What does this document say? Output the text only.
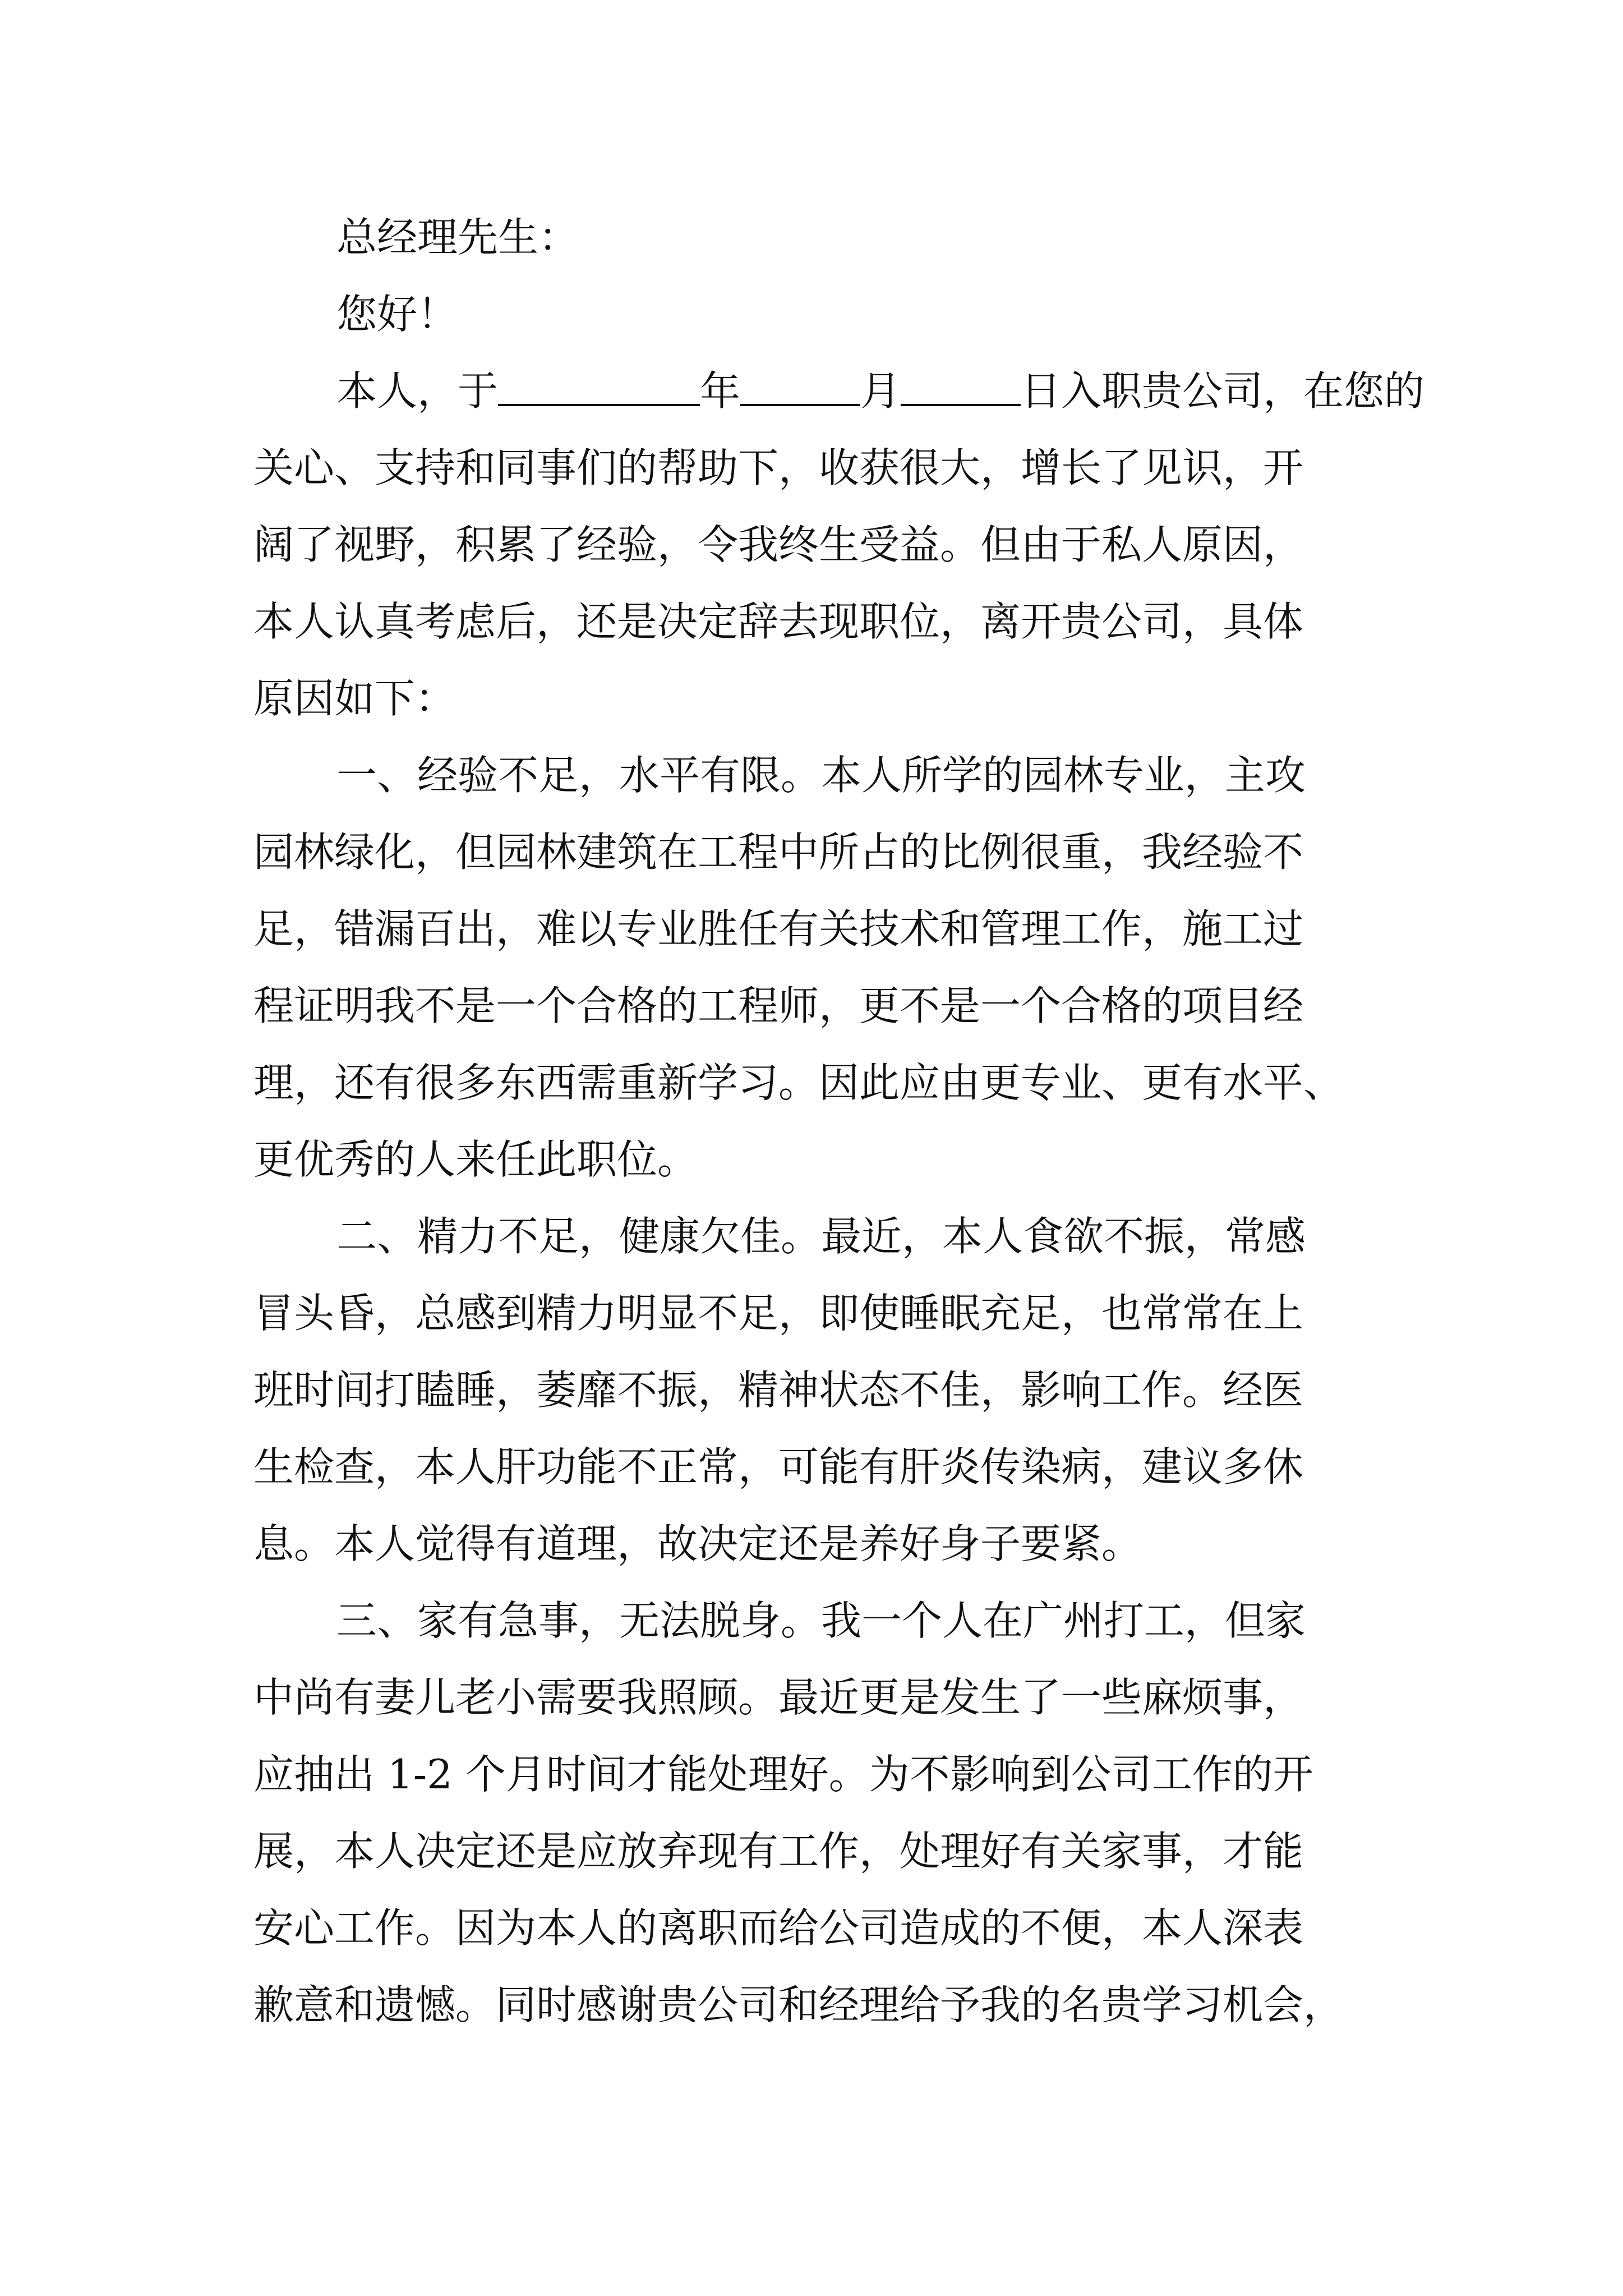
总经理先生：
您好！
本人，于	年	月	日入职贵公司，在您的
关心、支持和同事们的帮助下，收获很大，增长了见识，开
阔了视野，积累了经验，令我终生受益。但由于私人原因，
本人认真考虑后，还是决定辞去现职位，离开贵公司，具体
原因如下：
一、经验不足，水平有限。本人所学的园林专业，主攻
园林绿化，但园林建筑在工程中所占的比例很重，我经验不
足，错漏百出，难以专业胜任有关技术和管理工作，施工过
程证明我不是一个合格的工程师，更不是一个合格的项目经
理，还有很多东西需重新学习。因此应由更专业、更有水平、
更优秀的人来任此职位。
二、精力不足，健康欠佳。最近，本人食欲不振，常感
冒头昏，总感到精力明显不足，即使睡眠充足，也常常在上
班时间打瞌睡，萎靡不振，精神状态不佳，影响工作。经医
生检查，本人肝功能不正常，可能有肝炎传染病，建议多休
息。本人觉得有道理，故决定还是养好身子要紧。
三、家有急事，无法脱身。我一个人在广州打工，但家
中尚有妻儿老小需要我照顾。最近更是发生了一些麻烦事，
应抽出 1-2 个月时间才能处理好。为不影响到公司工作的开
展，本人决定还是应放弃现有工作，处理好有关家事，才能
安心工作。因为本人的离职而给公司造成的不便，本人深表
歉意和遗憾。同时感谢贵公司和经理给予我的名贵学习机会，
